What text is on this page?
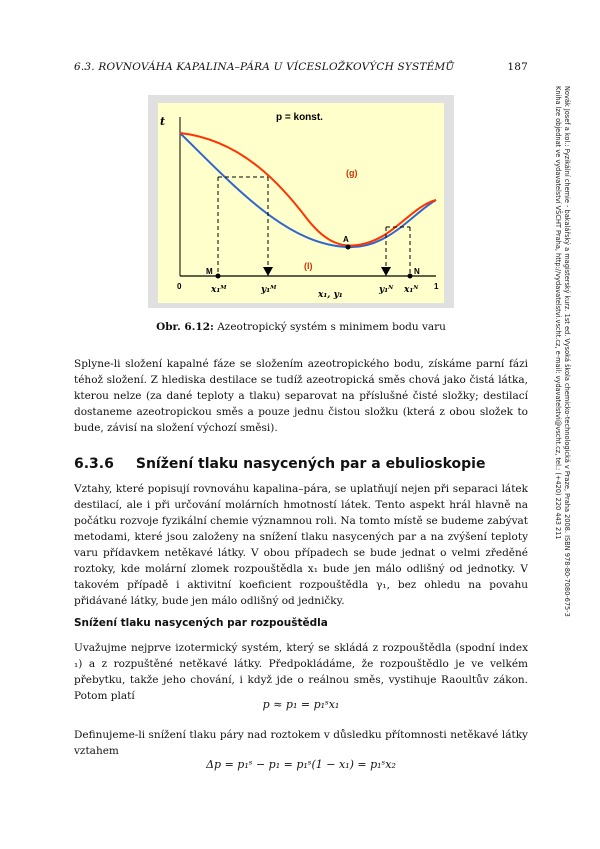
6.3. ROVNOVÁHA KAPALINA–PÁRA U VÍCESLOŽKOVÝCH SYSTÉMŮ	187
Novák Josef a kol.: Fyzikální chemie - bakalářský a magisterský kurz. 1st ed. Vysoká škola chemicko-technologická v Praze, Praha 2008. ISBN 978-80-7080-675-3
Kniha lze objednat ve vydavatelství VŠCHT Praha, http://vydavatelstvi.vscht.cz, e-mail: vydavatelstvi@vscht.cz, tel.: (+420) 220 443 211
t	p = konst.
(g)
(l)
A
M	N
0	1
x₁ᴹ	y₁ᴹ	x₁, y₁	y₁ᴺ x₁ᴺ
Obr. 6.12: Azeotropický systém s minimem bodu varu

Splyne-li složení kapalné fáze se složením azeotropického bodu, získáme parní fázi téhož složení. Z hlediska destilace se tudíž azeotropická směs chová jako čistá látka, kterou nelze (za dané teploty a tlaku) separovat na příslušné čisté složky; destilací dostaneme azeotropickou směs a pouze jednu čistou složku (která z obou složek to bude, závisí na složení výchozí směsi).

6.3.6 Snížení tlaku nasycených par a ebulioskopie

Vztahy, které popisují rovnováhu kapalina–pára, se uplatňují nejen při separaci látek destilací, ale i při určování molárních hmotností látek. Tento aspekt hrál hlavně na počátku rozvoje fyzikální chemie významnou roli. Na tomto místě se budeme zabývat metodami, které jsou založeny na snížení tlaku nasycených par a na zvýšení teploty varu přídavkem netěkavé látky. V obou případech se bude jednat o velmi zředěné roztoky, kde molární zlomek rozpouštědla x₁ bude jen málo odlišný od jednotky. V takovém případě i aktivitní koeficient rozpouštědla γ₁, bez ohledu na povahu přidávané látky, bude jen málo odlišný od jedničky.

Snížení tlaku nasycených par rozpouštědla

Uvažujme nejprve izotermický systém, který se skládá z rozpouštědla (spodní index ₁) a z rozpuštěné netěkavé látky. Předpokládáme, že rozpouštědlo je ve velkém přebytku, takže jeho chování, i když jde o reálnou směs, vystihuje Raoultův zákon. Potom platí

p ≈ p₁ = p₁ˢx₁

Definujeme-li snížení tlaku páry nad roztokem v důsledku přítomnosti netěkavé látky vztahem

Δp = p₁ˢ − p₁ = p₁ˢ(1 − x₁) = p₁ˢx₂
